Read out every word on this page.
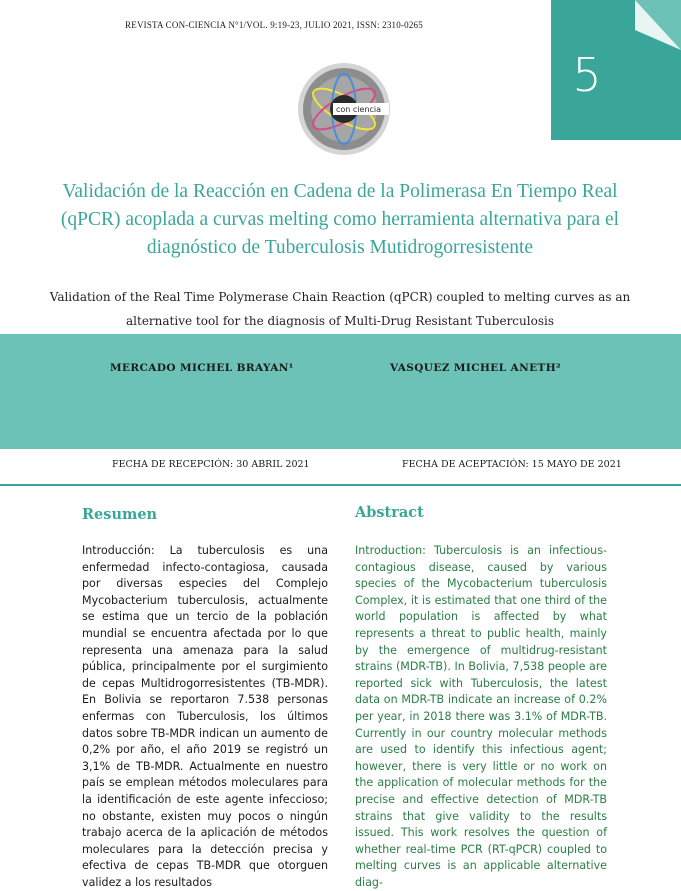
REVISTA CON-CIENCIA N°1/VOL. 9:19-23, JULIO 2021, ISSN: 2310-0265
5
con ciencia
Validación de la Reacción en Cadena de la Polimerasa En Tiempo Real (qPCR) acoplada a curvas melting como herramienta alternativa para el diagnóstico de Tuberculosis Mutidrogorresistente
Validation of the Real Time Polymerase Chain Reaction (qPCR) coupled to melting curves as an alternative tool for the diagnosis of Multi-Drug Resistant Tuberculosis
MERCADO MICHEL BRAYAN¹	VASQUEZ MICHEL ANETH²
FECHA DE RECEPCIÓN: 30 ABRIL 2021	FECHA DE ACEPTACIÓN: 15 MAYO DE 2021
Resumen	Abstract
Introducción: La tuberculosis es una enfermedad infecto-contagiosa, causada por diversas especies del Complejo Mycobacterium tuberculosis, actualmente se estima que un tercio de la población mundial se encuentra afectada por lo que representa una amenaza para la salud pública, principalmente por el surgimiento de cepas Multidrogorresistentes (TB-MDR). En Bolivia se reportaron 7.538 personas enfermas con Tuberculosis, los últimos datos sobre TB-MDR indican un aumento de 0,2% por año, el año 2019 se registró un 3,1% de TB-MDR. Actualmente en nuestro país se emplean métodos moleculares para la identificación de este agente infeccioso; no obstante, existen muy pocos o ningún trabajo acerca de la aplicación de métodos moleculares para la detección precisa y efectiva de cepas TB-MDR que otorguen validez a los resultados
Introduction: Tuberculosis is an infectious-contagious disease, caused by various species of the Mycobacterium tuberculosis Complex, it is estimated that one third of the world population is affected by what represents a threat to public health, mainly by the emergence of multidrug-resistant strains (MDR-TB). In Bolivia, 7,538 people are reported sick with Tuberculosis, the latest data on MDR-TB indicate an increase of 0.2% per year, in 2018 there was 3.1% of MDR-TB. Currently in our country molecular methods are used to identify this infectious agent; however, there is very little or no work on the application of molecular methods for the precise and effective detection of MDR-TB strains that give validity to the results issued. This work resolves the question of whether real-time PCR (RT-qPCR) coupled to melting curves is an applicable alternative diag-
